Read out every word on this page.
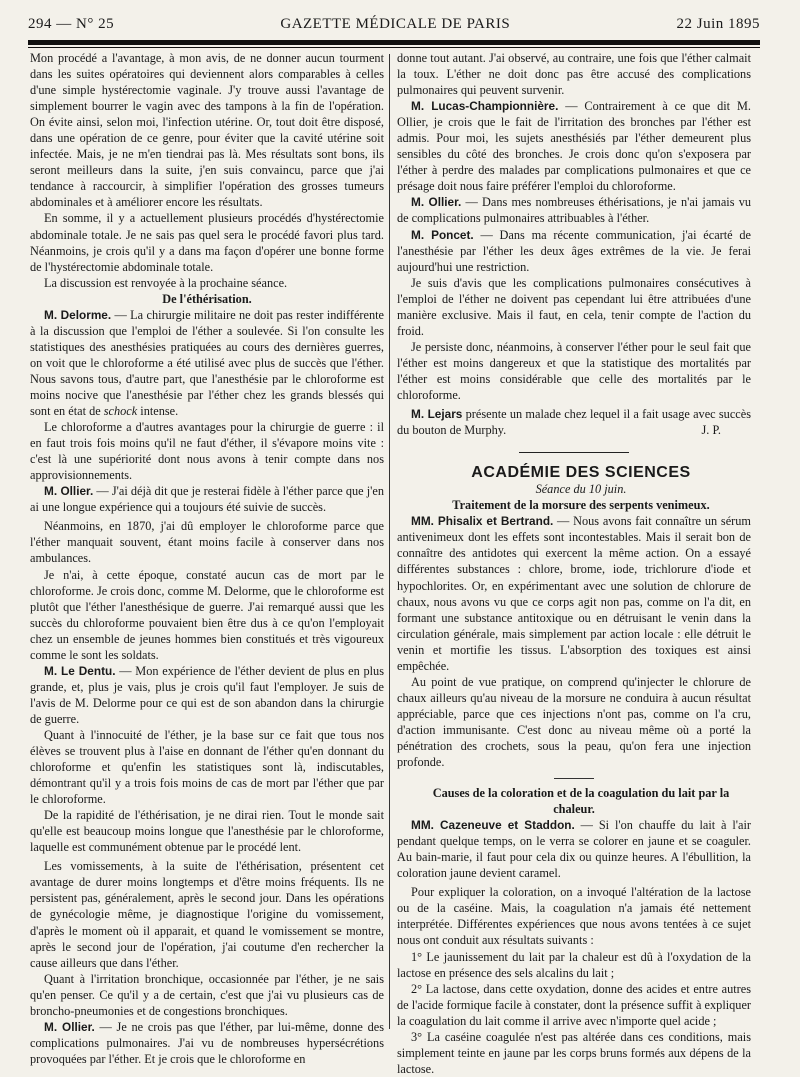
294 — N° 25	GAZETTE MÉDICALE DE PARIS	22 Juin 1895

Mon procédé a l'avantage, à mon avis, de ne donner aucun tourment dans les suites opératoires qui deviennent alors comparables à celles d'une simple hystérectomie vaginale. J'y trouve aussi l'avantage de simplement bourrer le vagin avec des tampons à la fin de l'opération. On évite ainsi, selon moi, l'infection utérine. Or, tout doit être disposé, dans une opération de ce genre, pour éviter que la cavité utérine soit infectée. Mais, je ne m'en tiendrai pas là. Mes résultats sont bons, ils seront meilleurs dans la suite, j'en suis convaincu, parce que j'ai tendance à raccourcir, à simplifier l'opération des grosses tumeurs abdominales et à améliorer encore les résultats.

En somme, il y a actuellement plusieurs procédés d'hystérectomie abdominale totale. Je ne sais pas quel sera le procédé favori plus tard. Néanmoins, je crois qu'il y a dans ma façon d'opérer une bonne forme de l'hystérectomie abdominale totale.

La discussion est renvoyée à la prochaine séance.

De l'éthérisation.

M. Delorme. — La chirurgie militaire ne doit pas rester indifférente à la discussion que l'emploi de l'éther a soulevée. Si l'on consulte les statistiques des anesthésies pratiquées au cours des dernières guerres, on voit que le chloroforme a été utilisé avec plus de succès que l'éther. Nous savons tous, d'autre part, que l'anesthésie par le chloroforme est moins nocive que l'anesthésie par l'éther chez les grands blessés qui sont en état de schock intense.

Le chloroforme a d'autres avantages pour la chirurgie de guerre : il en faut trois fois moins qu'il ne faut d'éther, il s'évapore moins vite : c'est là une supériorité dont nous avons à tenir compte dans nos approvisionnements.

M. Ollier. — J'ai déjà dit que je resterai fidèle à l'éther parce que j'en ai une longue expérience qui a toujours été suivie de succès.

Néanmoins, en 1870, j'ai dû employer le chloroforme parce que l'éther manquait souvent, étant moins facile à conserver dans nos ambulances.

Je n'ai, à cette époque, constaté aucun cas de mort par le chloroforme. Je crois donc, comme M. Delorme, que le chloroforme est plutôt que l'éther l'anesthésique de guerre. J'ai remarqué aussi que les succès du chloroforme pouvaient bien être dus à ce qu'on l'employait chez un ensemble de jeunes hommes bien constitués et très vigoureux comme le sont les soldats.

M. Le Dentu. — Mon expérience de l'éther devient de plus en plus grande, et, plus je vais, plus je crois qu'il faut l'employer. Je suis de l'avis de M. Delorme pour ce qui est de son abandon dans la chirurgie de guerre.

Quant à l'innocuité de l'éther, je la base sur ce fait que tous nos élèves se trouvent plus à l'aise en donnant de l'éther qu'en donnant du chloroforme et qu'enfin les statistiques sont là, indiscutables, démontrant qu'il y a trois fois moins de cas de mort par l'éther que par le chloroforme.

De la rapidité de l'éthérisation, je ne dirai rien. Tout le monde sait qu'elle est beaucoup moins longue que l'anesthésie par le chloroforme, laquelle est communément obtenue par le procédé lent.

Les vomissements, à la suite de l'éthérisation, présentent cet avantage de durer moins longtemps et d'être moins fréquents. Ils ne persistent pas, généralement, après le second jour. Dans les opérations de gynécologie même, je diagnostique l'origine du vomissement, d'après le moment où il apparait, et quand le vomissement se montre, après le second jour de l'opération, j'ai coutume d'en rechercher la cause ailleurs que dans l'éther.

Quant à l'irritation bronchique, occasionnée par l'éther, je ne sais qu'en penser. Ce qu'il y a de certain, c'est que j'ai vu plusieurs cas de broncho-pneumonies et de congestions bronchiques.

M. Ollier. — Je ne crois pas que l'éther, par lui-même, donne des complications pulmonaires. J'ai vu de nombreuses hypersécrétions provoquées par l'éther. Et je crois que le chloroforme en

donne tout autant. J'ai observé, au contraire, une fois que l'éther calmait la toux. L'éther ne doit donc pas être accusé des complications pulmonaires qui peuvent survenir.

M. Lucas-Championnière. — Contrairement à ce que dit M. Ollier, je crois que le fait de l'irritation des bronches par l'éther est admis. Pour moi, les sujets anesthésiés par l'éther demeurent plus sensibles du côté des bronches. Je crois donc qu'on s'exposera par l'éther à perdre des malades par complications pulmonaires et que ce présage doit nous faire préférer l'emploi du chloroforme.

M. Ollier. — Dans mes nombreuses éthérisations, je n'ai jamais vu de complications pulmonaires attribuables à l'éther.

M. Poncet. — Dans ma récente communication, j'ai écarté de l'anesthésie par l'éther les deux âges extrêmes de la vie. Je ferai aujourd'hui une restriction.

Je suis d'avis que les complications pulmonaires consécutives à l'emploi de l'éther ne doivent pas cependant lui être attribuées d'une manière exclusive. Mais il faut, en cela, tenir compte de l'action du froid.

Je persiste donc, néanmoins, à conserver l'éther pour le seul fait que l'éther est moins dangereux et que la statistique des mortalités par l'éther est moins considérable que celle des mortalités par le chloroforme.

M. Lejars présente un malade chez lequel il a fait usage avec succès du bouton de Murphy.	J. P.

ACADÉMIE DES SCIENCES

Séance du 10 juin.

Traitement de la morsure des serpents venimeux.

MM. Phisalix et Bertrand. — Nous avons fait connaître un sérum antivenimeux dont les effets sont incontestables. Mais il serait bon de connaître des antidotes qui exercent la même action. On a essayé différentes substances : chlore, brome, iode, trichlorure d'iode et hypochlorites. Or, en expérimentant avec une solution de chlorure de chaux, nous avons vu que ce corps agit non pas, comme on l'a dit, en formant une substance antitoxique ou en détruisant le venin dans la circulation générale, mais simplement par action locale : elle détruit le venin et mortifie les tissus. L'absorption des toxiques est ainsi empêchée.

Au point de vue pratique, on comprend qu'injecter le chlorure de chaux ailleurs qu'au niveau de la morsure ne conduira à aucun résultat appréciable, parce que ces injections n'ont pas, comme on l'a cru, d'action immunisante. C'est donc au niveau même où a porté la pénétration des crochets, sous la peau, qu'on fera une injection profonde.

Causes de la coloration et de la coagulation du lait par la chaleur.

MM. Cazeneuve et Staddon. — Si l'on chauffe du lait à l'air pendant quelque temps, on le verra se colorer en jaune et se coaguler. Au bain-marie, il faut pour cela dix ou quinze heures. A l'ébullition, la coloration jaune devient caramel.

Pour expliquer la coloration, on a invoqué l'altération de la lactose ou de la caséine. Mais, la coagulation n'a jamais été nettement interprétée. Différentes expériences que nous avons tentées à ce sujet nous ont conduit aux résultats suivants :

1° Le jaunissement du lait par la chaleur est dû à l'oxydation de la lactose en présence des sels alcalins du lait ;

2° La lactose, dans cette oxydation, donne des acides et entre autres de l'acide formique facile à constater, dont la présence suffit à expliquer la coagulation du lait comme il arrive avec n'importe quel acide ;

3° La caséine coagulée n'est pas altérée dans ces conditions, mais simplement teinte en jaune par les corps bruns formés aux dépens de la lactose.
